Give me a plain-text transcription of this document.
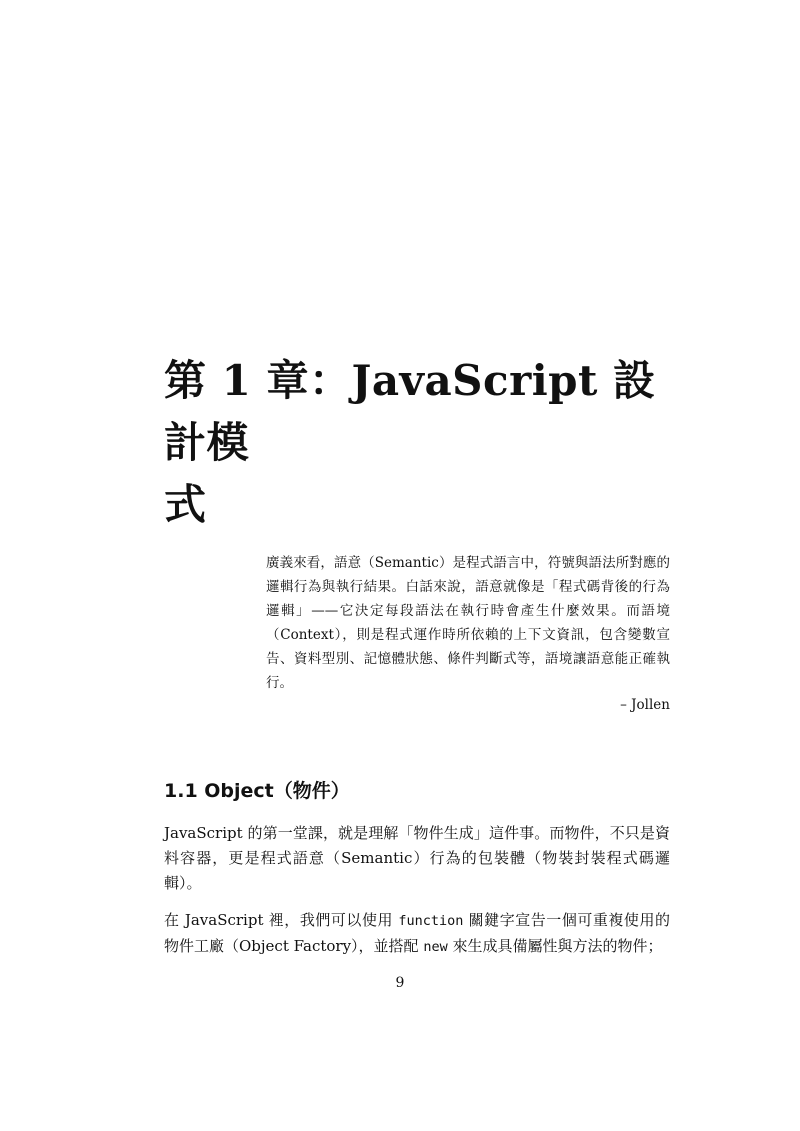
第 1 章：JavaScript 設計模
式

廣義來看，語意（Semantic）是程式語言中，符號與語法所對應的邏輯行為與執行結果。白話來說，語意就像是「程式碼背後的行為邏輯」——它決定每段語法在執行時會產生什麼效果。而語境（Context），則是程式運作時所依賴的上下文資訊，包含變數宣告、資料型別、記憶體狀態、條件判斷式等，語境讓語意能正確執行。

– Jollen

1.1 Object（物件）

JavaScript 的第一堂課，就是理解「物件生成」這件事。而物件，不只是資料容器，更是程式語意（Semantic）行為的包裝體（物裝封裝程式碼邏輯）。

在 JavaScript 裡，我們可以使用 function 關鍵字宣告一個可重複使用的物件工廠（Object Factory），並搭配 new 來生成具備屬性與方法的物件；

9
